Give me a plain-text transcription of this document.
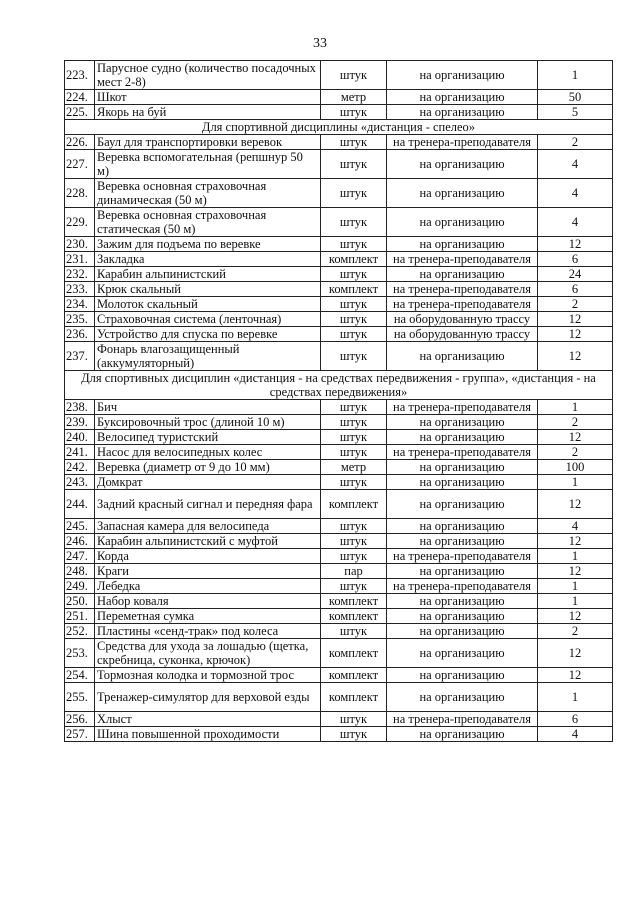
33
223.	Парусное судно (количество посадочных мест 2-8)	штук	на организацию	1
224.	Шкот	метр	на организацию	50
225.	Якорь на буй	штук	на организацию	5
Для спортивной дисциплины «дистанция - спелео»				
226.	Баул для транспортировки веревок	штук	на тренера-преподавателя	2
227.	Веревка вспомогательная (репшнур 50 м)	штук	на организацию	4
228.	Веревка основная страховочная динамическая (50 м)	штук	на организацию	4
229.	Веревка основная страховочная статическая (50 м)	штук	на организацию	4
230.	Зажим для подъема по веревке	штук	на организацию	12
231.	Закладка	комплект	на тренера-преподавателя	6
232.	Карабин альпинистский	штук	на организацию	24
233.	Крюк скальный	комплект	на тренера-преподавателя	6
234.	Молоток скальный	штук	на тренера-преподавателя	2
235.	Страховочная система (ленточная)	штук	на оборудованную трассу	12
236.	Устройство для спуска по веревке	штук	на оборудованную трассу	12
237.	Фонарь влагозащищенный (аккумуляторный)	штук	на организацию	12
Для спортивных дисциплин «дистанция - на средствах передвижения - группа», «дистанция - на средствах передвижения»				
238.	Бич	штук	на тренера-преподавателя	1
239.	Буксировочный трос (длиной 10 м)	штук	на организацию	2
240.	Велосипед туристский	штук	на организацию	12
241.	Насос для велосипедных колес	штук	на тренера-преподавателя	2
242.	Веревка (диаметр от 9 до 10 мм)	метр	на организацию	100
243.	Домкрат	штук	на организацию	1
244.	Задний красный сигнал и передняя фара	комплект	на организацию	12
245.	Запасная камера для велосипеда	штук	на организацию	4
246.	Карабин альпинистский с муфтой	штук	на организацию	12
247.	Корда	штук	на тренера-преподавателя	1
248.	Краги	пар	на организацию	12
249.	Лебедка	штук	на тренера-преподавателя	1
250.	Набор коваля	комплект	на организацию	1
251.	Переметная сумка	комплект	на организацию	12
252.	Пластины «сенд-трак» под колеса	штук	на организацию	2
253.	Средства для ухода за лошадью (щетка, скребница, суконка, крючок)	комплект	на организацию	12
254.	Тормозная колодка и тормозной трос	комплект	на организацию	12
255.	Тренажер-симулятор для верховой езды	комплект	на организацию	1
256.	Хлыст	штук	на тренера-преподавателя	6
257.	Шина повышенной проходимости	штук	на организацию	4
